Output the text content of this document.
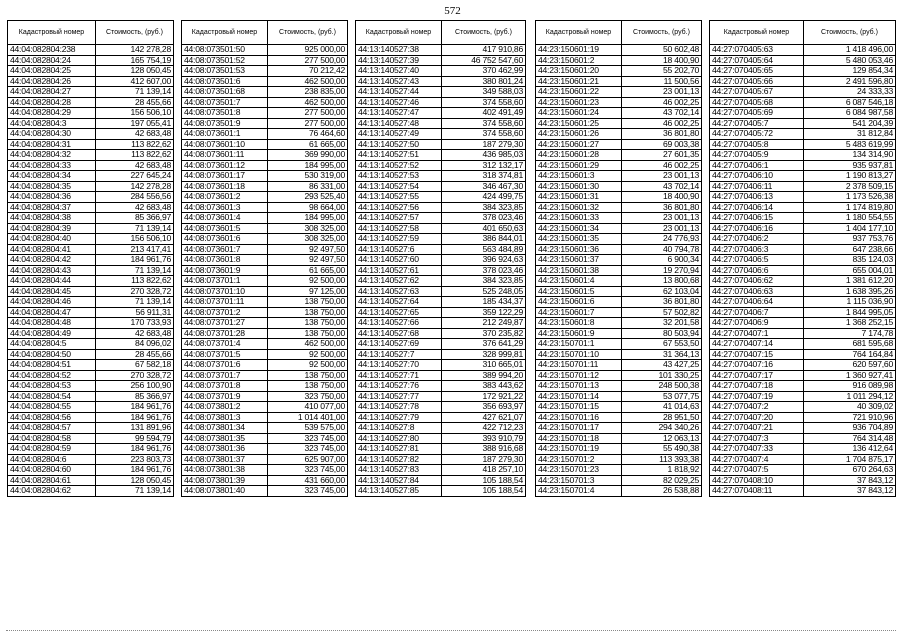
572
Кадастровый номер	Стоимость, (руб.)
44:04:082804:238	142 278,28
44:04:082804:24	165 754,19
44:04:082804:25	128 050,45
44:04:082804:26	412 607,00
44:04:082804:27	71 139,14
44:04:082804:28	28 455,66
44:04:082804:29	156 506,10
44:04:082804:3	197 055,41
44:04:082804:30	42 683,48
44:04:082804:31	113 822,62
44:04:082804:32	113 822,62
44:04:082804:33	42 683,48
44:04:082804:34	227 645,24
44:04:082804:35	142 278,28
44:04:082804:36	284 556,56
44:04:082804:37	42 683,48
44:04:082804:38	85 366,97
44:04:082804:39	71 139,14
44:04:082804:40	156 506,10
44:04:082804:41	213 417,41
44:04:082804:42	184 961,76
44:04:082804:43	71 139,14
44:04:082804:44	113 822,62
44:04:082804:45	270 328,72
44:04:082804:46	71 139,14
44:04:082804:47	56 911,31
44:04:082804:48	170 733,93
44:04:082804:49	42 683,48
44:04:082804:5	84 096,02
44:04:082804:50	28 455,66
44:04:082804:51	67 582,18
44:04:082804:52	270 328,72
44:04:082804:53	256 100,90
44:04:082804:54	85 366,97
44:04:082804:55	184 961,76
44:04:082804:56	184 961,76
44:04:082804:57	131 891,96
44:04:082804:58	99 594,79
44:04:082804:59	184 961,76
44:04:082804:6	223 803,73
44:04:082804:60	184 961,76
44:04:082804:61	128 050,45
44:04:082804:62	71 139,14
Кадастровый номер	Стоимость, (руб.)
44:08:073501:50	925 000,00
44:08:073501:52	277 500,00
44:08:073501:53	70 212,42
44:08:073501:6	462 500,00
44:08:073501:68	238 835,00
44:08:073501:7	462 500,00
44:08:073501:8	277 500,00
44:08:073501:9	277 500,00
44:08:073601:1	76 464,60
44:08:073601:10	61 665,00
44:08:073601:11	369 990,00
44:08:073601:12	184 995,00
44:08:073601:17	530 319,00
44:08:073601:18	86 331,00
44:08:073601:2	293 525,40
44:08:073601:3	98 664,00
44:08:073601:4	184 995,00
44:08:073601:5	308 325,00
44:08:073601:6	308 325,00
44:08:073601:7	92 497,50
44:08:073601:8	92 497,50
44:08:073601:9	61 665,00
44:08:073701:1	92 500,00
44:08:073701:10	97 125,00
44:08:073701:11	138 750,00
44:08:073701:2	138 750,00
44:08:073701:27	138 750,00
44:08:073701:28	138 750,00
44:08:073701:4	462 500,00
44:08:073701:5	92 500,00
44:08:073701:6	92 500,00
44:08:073701:7	138 750,00
44:08:073701:8	138 750,00
44:08:073701:9	323 750,00
44:08:073801:2	410 077,00
44:08:073801:3	1 014 401,00
44:08:073801:34	539 575,00
44:08:073801:35	323 745,00
44:08:073801:36	323 745,00
44:08:073801:37	625 907,00
44:08:073801:38	323 745,00
44:08:073801:39	431 660,00
44:08:073801:40	323 745,00
Кадастровый номер	Стоимость, (руб.)
44:13:140527:38	417 910,86
44:13:140527:39	46 752 547,60
44:13:140527:40	370 462,99
44:13:140527:43	380 801,24
44:13:140527:44	349 588,03
44:13:140527:46	374 558,60
44:13:140527:47	402 491,49
44:13:140527:48	374 558,60
44:13:140527:49	374 558,60
44:13:140527:50	187 279,30
44:13:140527:51	436 985,03
44:13:140527:52	312 132,17
44:13:140527:53	318 374,81
44:13:140527:54	346 467,30
44:13:140527:55	424 499,75
44:13:140527:56	384 323,85
44:13:140527:57	378 023,46
44:13:140527:58	401 650,63
44:13:140527:59	386 844,01
44:13:140527:6	563 484,89
44:13:140527:60	396 924,63
44:13:140527:61	378 023,46
44:13:140527:62	384 323,85
44:13:140527:63	525 248,05
44:13:140527:64	185 434,37
44:13:140527:65	359 122,29
44:13:140527:66	212 249,87
44:13:140527:68	370 235,82
44:13:140527:69	376 641,29
44:13:140527:7	328 999,81
44:13:140527:70	310 665,01
44:13:140527:71	389 994,20
44:13:140527:76	383 443,62
44:13:140527:77	172 921,22
44:13:140527:78	356 693,97
44:13:140527:79	427 621,07
44:13:140527:8	422 712,23
44:13:140527:80	393 910,79
44:13:140527:81	388 916,68
44:13:140527:82	187 279,30
44:13:140527:83	418 257,10
44:13:140527:84	105 188,54
44:13:140527:85	105 188,54
Кадастровый номер	Стоимость, (руб.)
44:23:150601:19	50 602,48
44:23:150601:2	18 400,90
44:23:150601:20	55 202,70
44:23:150601:21	11 500,56
44:23:150601:22	23 001,13
44:23:150601:23	46 002,25
44:23:150601:24	43 702,14
44:23:150601:25	46 002,25
44:23:150601:26	36 801,80
44:23:150601:27	69 003,38
44:23:150601:28	27 601,35
44:23:150601:29	46 002,25
44:23:150601:3	23 001,13
44:23:150601:30	43 702,14
44:23:150601:31	18 400,90
44:23:150601:32	36 801,80
44:23:150601:33	23 001,13
44:23:150601:34	23 001,13
44:23:150601:35	24 776,93
44:23:150601:36	40 794,78
44:23:150601:37	6 900,34
44:23:150601:38	19 270,94
44:23:150601:4	13 800,68
44:23:150601:5	62 103,04
44:23:150601:6	36 801,80
44:23:150601:7	57 502,82
44:23:150601:8	32 201,58
44:23:150601:9	80 503,94
44:23:150701:1	67 553,50
44:23:150701:10	31 364,13
44:23:150701:11	43 427,25
44:23:150701:12	101 330,25
44:23:150701:13	248 500,38
44:23:150701:14	53 077,75
44:23:150701:15	41 014,63
44:23:150701:16	28 951,50
44:23:150701:17	294 340,26
44:23:150701:18	12 063,13
44:23:150701:19	55 490,38
44:23:150701:2	113 393,38
44:23:150701:23	1 818,92
44:23:150701:3	82 029,25
44:23:150701:4	26 538,88
Кадастровый номер	Стоимость, (руб.)
44:27:070405:63	1 418 496,00
44:27:070405:64	5 480 053,46
44:27:070405:65	129 854,34
44:27:070405:66	2 491 596,80
44:27:070405:67	24 333,33
44:27:070405:68	6 087 546,18
44:27:070405:69	6 084 987,58
44:27:070405:7	541 204,39
44:27:070405:72	31 812,84
44:27:070405:8	5 483 619,99
44:27:070405:9	134 314,90
44:27:070406:1	935 937,81
44:27:070406:10	1 190 813,27
44:27:070406:11	2 378 509,15
44:27:070406:13	1 173 526,38
44:27:070406:14	1 174 819,80
44:27:070406:15	1 180 554,55
44:27:070406:16	1 404 177,10
44:27:070406:2	937 753,76
44:27:070406:3	647 238,66
44:27:070406:5	835 124,03
44:27:070406:6	655 004,01
44:27:070406:62	1 381 612,20
44:27:070406:63	1 638 395,26
44:27:070406:64	1 115 036,90
44:27:070406:7	1 844 995,05
44:27:070406:9	1 368 252,15
44:27:070407:1	7 174,78
44:27:070407:14	681 595,68
44:27:070407:15	764 164,84
44:27:070407:16	620 597,60
44:27:070407:17	1 360 927,41
44:27:070407:18	916 089,98
44:27:070407:19	1 011 294,12
44:27:070407:2	40 309,02
44:27:070407:20	721 910,96
44:27:070407:21	936 704,89
44:27:070407:3	764 314,48
44:27:070407:33	136 412,64
44:27:070407:4	1 704 875,17
44:27:070407:5	670 264,63
44:27:070408:10	37 843,12
44:27:070408:11	37 843,12
